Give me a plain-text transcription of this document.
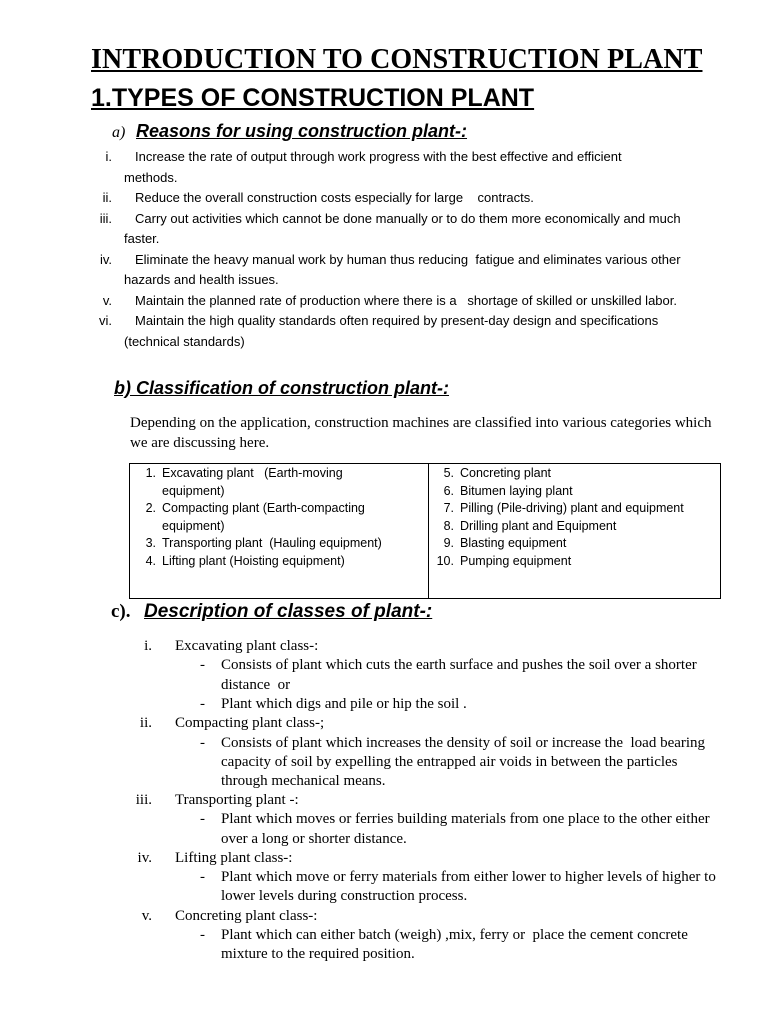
INTRODUCTION TO CONSTRUCTION PLANT
1.TYPES OF CONSTRUCTION PLANT
a) Reasons for using construction plant-:
i. Increase the rate of output through work progress with the best effective and efficient
methods.
ii. Reduce the overall construction costs especially for large    contracts.
iii. Carry out activities which cannot be done manually or to do them more economically and much
faster.
iv. Eliminate the heavy manual work by human thus reducing  fatigue and eliminates various other
hazards and health issues.
v. Maintain the planned rate of production where there is a   shortage of skilled or unskilled labor.
vi. Maintain the high quality standards often required by present-day design and specifications
(technical standards)
b) Classification of construction plant-:
Depending on the application, construction machines are classified into various categories which
we are discussing here.
1. Excavating plant   (Earth-moving
equipment)
2. Compacting plant (Earth-compacting
equipment)
3. Transporting plant  (Hauling equipment)
4. Lifting plant (Hoisting equipment)
5. Concreting plant
6. Bitumen laying plant
7. Pilling (Pile-driving) plant and equipment
8. Drilling plant and Equipment
9. Blasting equipment
10. Pumping equipment
c). Description of classes of plant-:
i. Excavating plant class-:
- Consists of plant which cuts the earth surface and pushes the soil over a shorter
distance  or
- Plant which digs and pile or hip the soil .
ii. Compacting plant class-;
- Consists of plant which increases the density of soil or increase the  load bearing
capacity of soil by expelling the entrapped air voids in between the particles
through mechanical means.
iii. Transporting plant -:
- Plant which moves or ferries building materials from one place to the other either
over a long or shorter distance.
iv. Lifting plant class-:
- Plant which move or ferry materials from either lower to higher levels of higher to
lower levels during construction process.
v. Concreting plant class-:
- Plant which can either batch (weigh) ,mix, ferry or  place the cement concrete
mixture to the required position.
